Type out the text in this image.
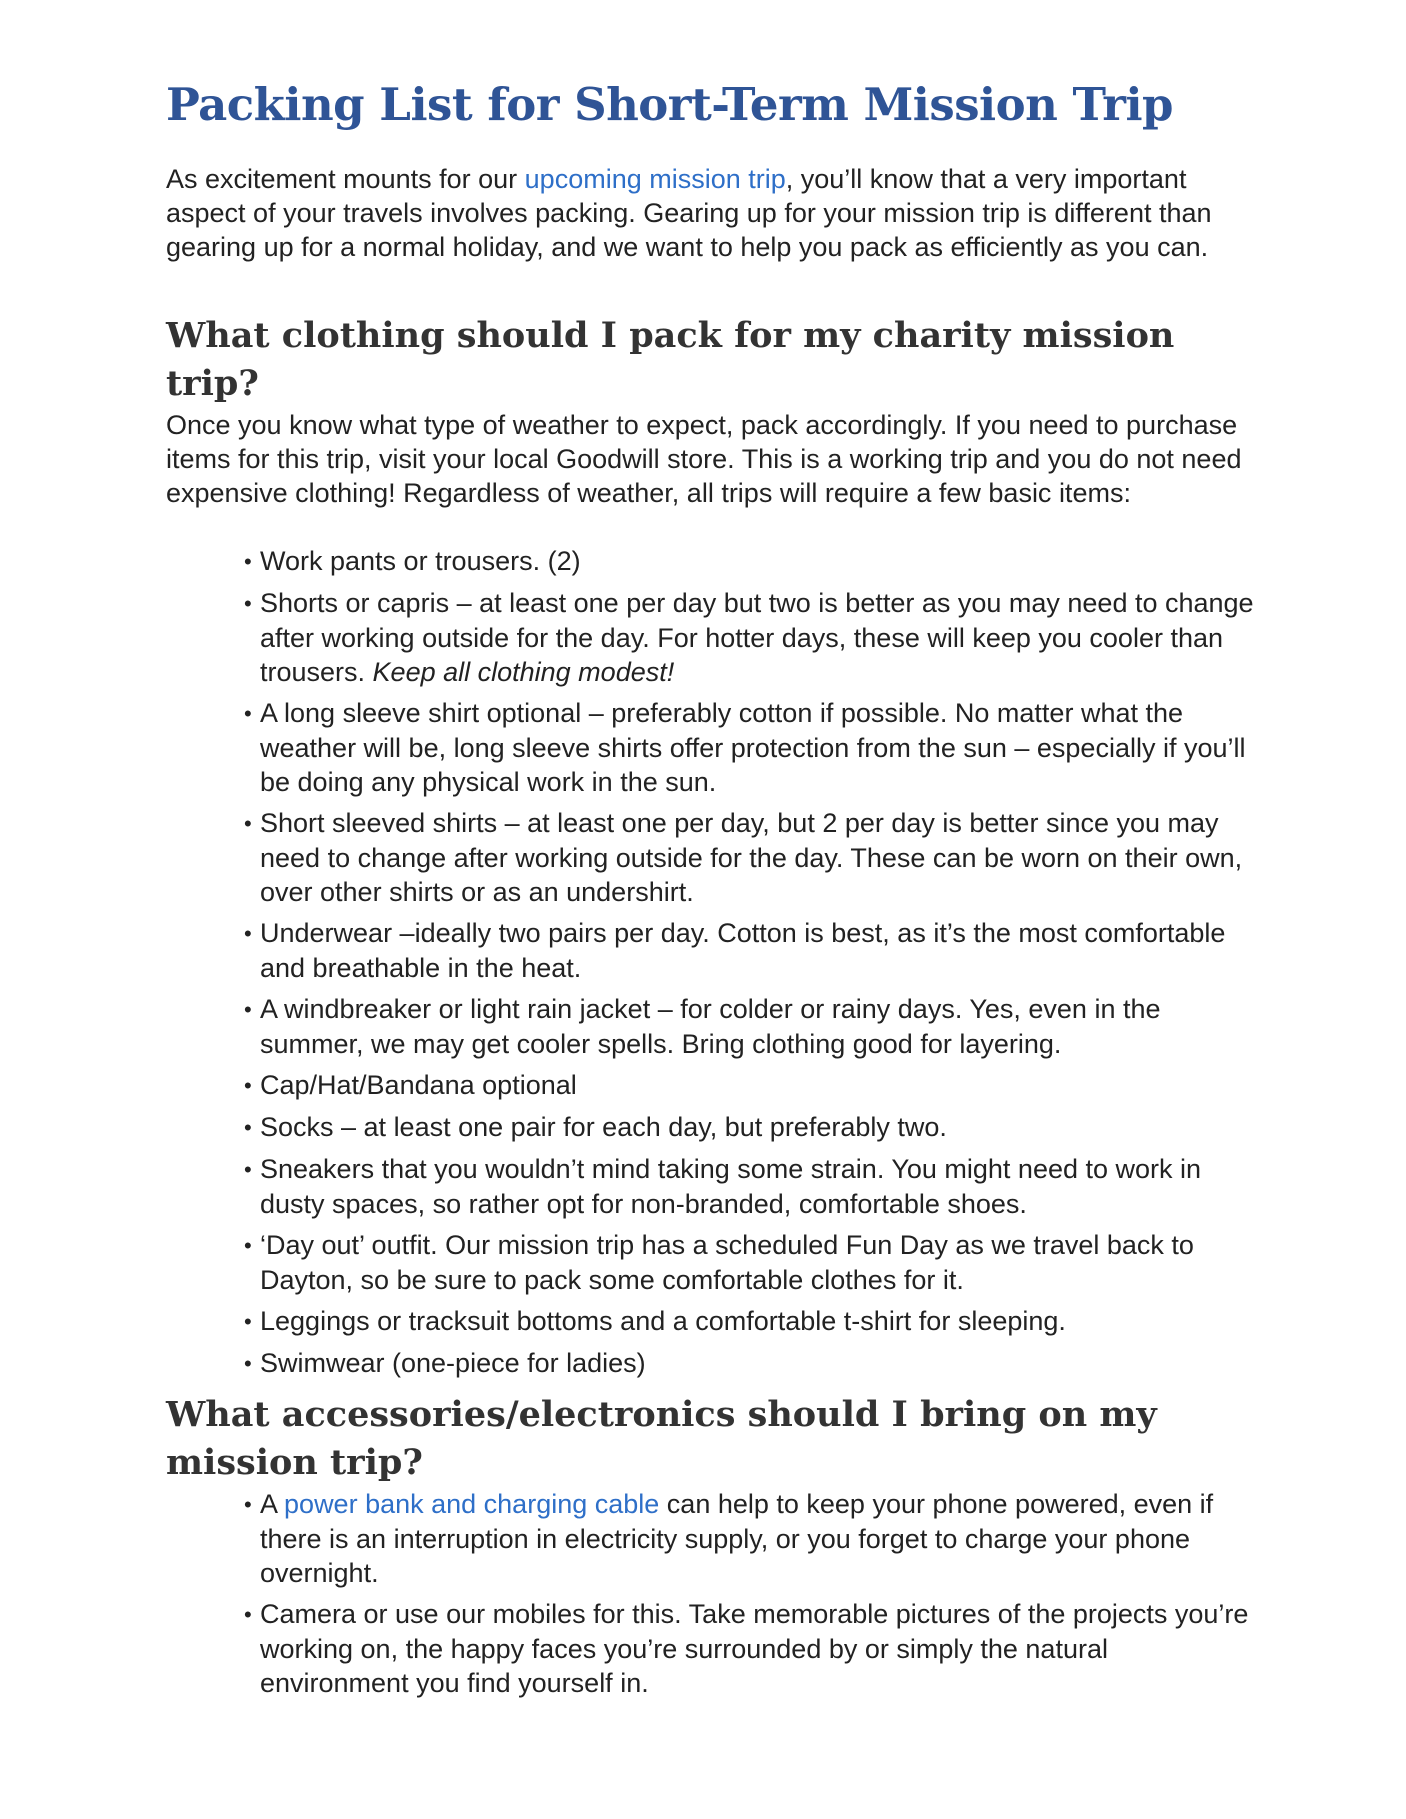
Packing List for Short-Term Mission Trip

As excitement mounts for our upcoming mission trip, you’ll know that a very important aspect of your travels involves packing. Gearing up for your mission trip is different than gearing up for a normal holiday, and we want to help you pack as efficiently as you can.

What clothing should I pack for my charity mission trip?

Once you know what type of weather to expect, pack accordingly. If you need to purchase items for this trip, visit your local Goodwill store. This is a working trip and you do not need expensive clothing! Regardless of weather, all trips will require a few basic items:

• Work pants or trousers. (2)
• Shorts or capris – at least one per day but two is better as you may need to change after working outside for the day. For hotter days, these will keep you cooler than trousers. Keep all clothing modest!
• A long sleeve shirt optional – preferably cotton if possible. No matter what the weather will be, long sleeve shirts offer protection from the sun – especially if you’ll be doing any physical work in the sun.
• Short sleeved shirts – at least one per day, but 2 per day is better since you may need to change after working outside for the day. These can be worn on their own, over other shirts or as an undershirt.
• Underwear –ideally two pairs per day. Cotton is best, as it’s the most comfortable and breathable in the heat.
• A windbreaker or light rain jacket – for colder or rainy days. Yes, even in the summer, we may get cooler spells. Bring clothing good for layering.
• Cap/Hat/Bandana optional
• Socks – at least one pair for each day, but preferably two.
• Sneakers that you wouldn’t mind taking some strain. You might need to work in dusty spaces, so rather opt for non-branded, comfortable shoes.
• ‘Day out’ outfit. Our mission trip has a scheduled Fun Day as we travel back to Dayton, so be sure to pack some comfortable clothes for it.
• Leggings or tracksuit bottoms and a comfortable t-shirt for sleeping.
• Swimwear (one-piece for ladies)
What accessories/electronics should I bring on my mission trip?
• A power bank and charging cable can help to keep your phone powered, even if there is an interruption in electricity supply, or you forget to charge your phone overnight.
• Camera or use our mobiles for this. Take memorable pictures of the projects you’re working on, the happy faces you’re surrounded by or simply the natural environment you find yourself in.
